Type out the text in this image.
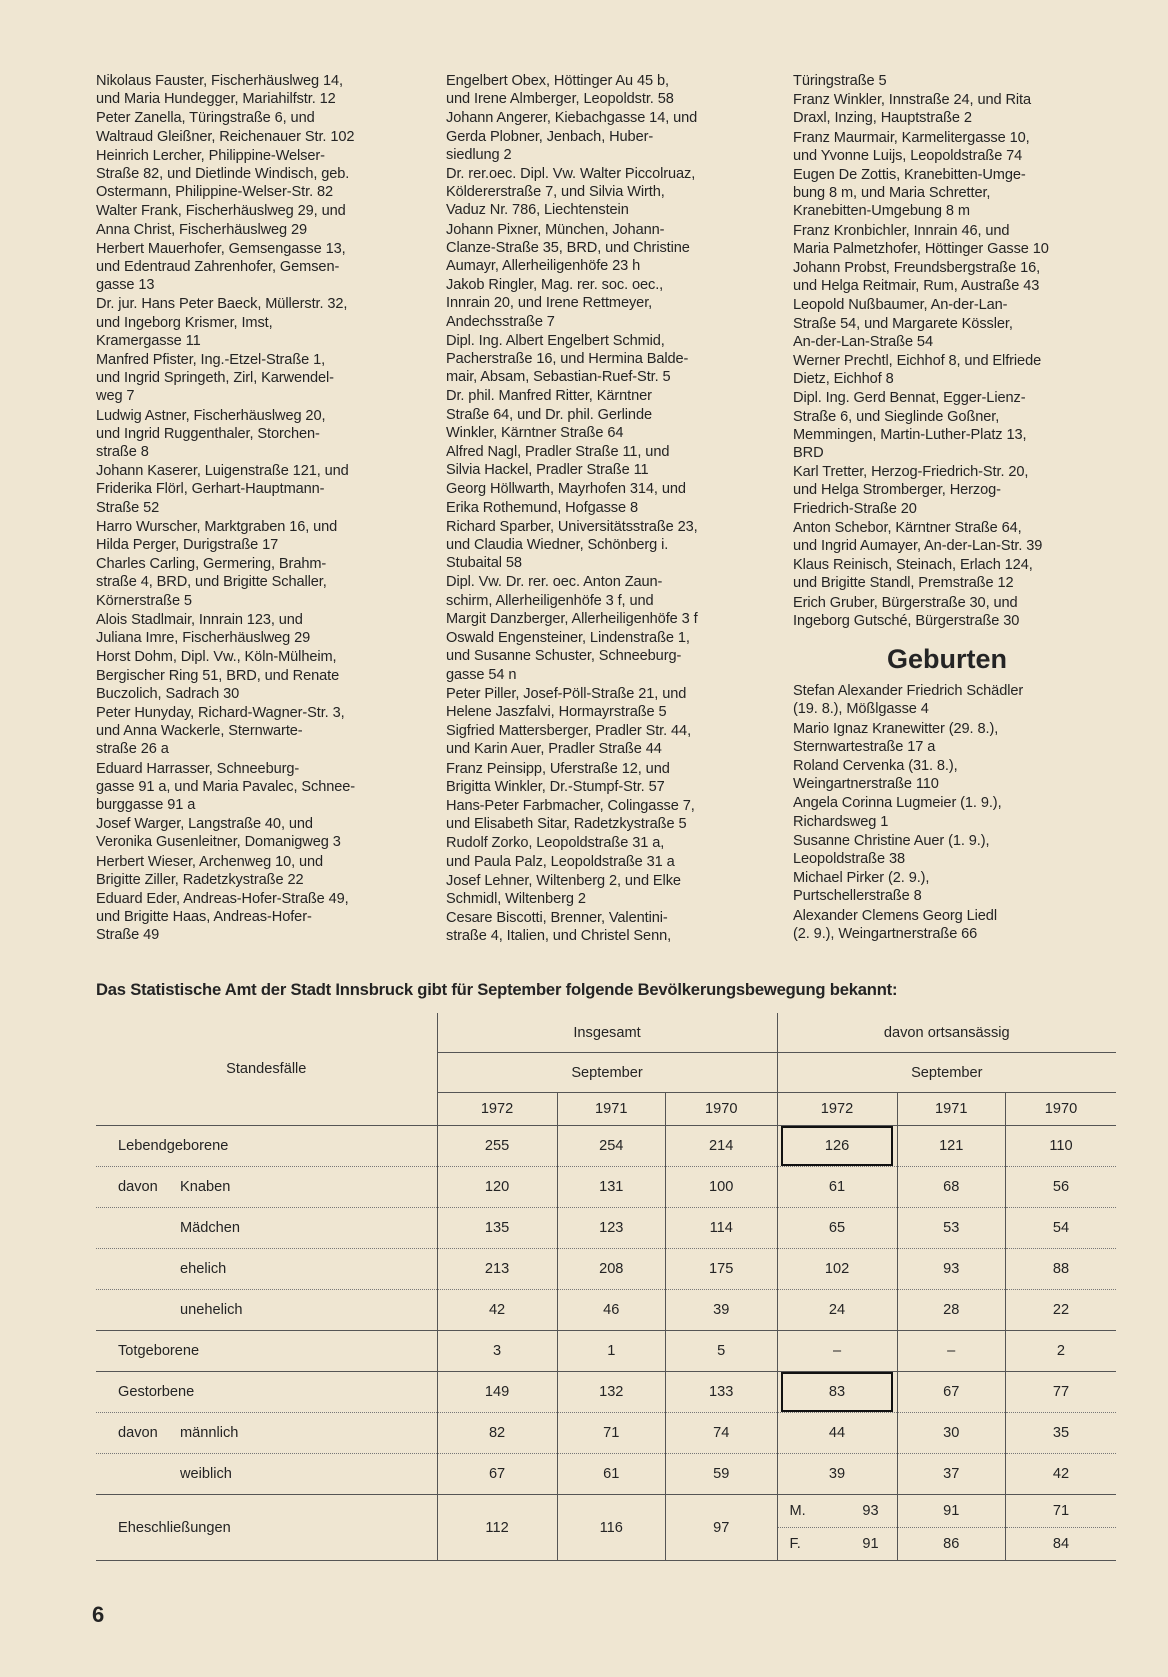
Nikolaus Fauster, Fischerhäuslweg 14,
und Maria Hundegger, Mariahilfstr. 12
Peter Zanella, Türingstraße 6, und
Waltraud Gleißner, Reichenauer Str. 102
Heinrich Lercher, Philippine-Welser-
Straße 82, und Dietlinde Windisch, geb.
Ostermann, Philippine-Welser-Str. 82
Walter Frank, Fischerhäuslweg 29, und
Anna Christ, Fischerhäuslweg 29
Herbert Mauerhofer, Gemsengasse 13,
und Edentraud Zahrenhofer, Gemsen-
gasse 13
Dr. jur. Hans Peter Baeck, Müllerstr. 32,
und Ingeborg Krismer, Imst,
Kramergasse 11
Manfred Pfister, Ing.-Etzel-Straße 1,
und Ingrid Springeth, Zirl, Karwendel-
weg 7
Ludwig Astner, Fischerhäuslweg 20,
und Ingrid Ruggenthaler, Storchen-
straße 8
Johann Kaserer, Luigenstraße 121, und
Friderika Flörl, Gerhart-Hauptmann-
Straße 52
Harro Wurscher, Marktgraben 16, und
Hilda Perger, Durigstraße 17
Charles Carling, Germering, Brahm-
straße 4, BRD, und Brigitte Schaller,
Körnerstraße 5
Alois Stadlmair, Innrain 123, und
Juliana Imre, Fischerhäuslweg 29
Horst Dohm, Dipl. Vw., Köln-Mülheim,
Bergischer Ring 51, BRD, und Renate
Buczolich, Sadrach 30
Peter Hunyday, Richard-Wagner-Str. 3,
und Anna Wackerle, Sternwarte-
straße 26 a
Eduard Harrasser, Schneeburg-
gasse 91 a, und Maria Pavalec, Schnee-
burggasse 91 a
Josef Warger, Langstraße 40, und
Veronika Gusenleitner, Domanigweg 3
Herbert Wieser, Archenweg 10, und
Brigitte Ziller, Radetzkystraße 22
Eduard Eder, Andreas-Hofer-Straße 49,
und Brigitte Haas, Andreas-Hofer-
Straße 49
Engelbert Obex, Höttinger Au 45 b,
und Irene Almberger, Leopoldstr. 58
Johann Angerer, Kiebachgasse 14, und
Gerda Plobner, Jenbach, Huber-
siedlung 2
Dr. rer.oec. Dipl. Vw. Walter Piccolruaz,
Köldererstraße 7, und Silvia Wirth,
Vaduz Nr. 786, Liechtenstein
Johann Pixner, München, Johann-
Clanze-Straße 35, BRD, und Christine
Aumayr, Allerheiligenhöfe 23 h
Jakob Ringler, Mag. rer. soc. oec.,
Innrain 20, und Irene Rettmeyer,
Andechsstraße 7
Dipl. Ing. Albert Engelbert Schmid,
Pacherstraße 16, und Hermina Balde-
mair, Absam, Sebastian-Ruef-Str. 5
Dr. phil. Manfred Ritter, Kärntner
Straße 64, und Dr. phil. Gerlinde
Winkler, Kärntner Straße 64
Alfred Nagl, Pradler Straße 11, und
Silvia Hackel, Pradler Straße 11
Georg Höllwarth, Mayrhofen 314, und
Erika Rothemund, Hofgasse 8
Richard Sparber, Universitätsstraße 23,
und Claudia Wiedner, Schönberg i.
Stubaital 58
Dipl. Vw. Dr. rer. oec. Anton Zaun-
schirm, Allerheiligenhöfe 3 f, und
Margit Danzberger, Allerheiligenhöfe 3 f
Oswald Engensteiner, Lindenstraße 1,
und Susanne Schuster, Schneeburg-
gasse 54 n
Peter Piller, Josef-Pöll-Straße 21, und
Helene Jaszfalvi, Hormayrstraße 5
Sigfried Mattersberger, Pradler Str. 44,
und Karin Auer, Pradler Straße 44
Franz Peinsipp, Uferstraße 12, und
Brigitta Winkler, Dr.-Stumpf-Str. 57
Hans-Peter Farbmacher, Colingasse 7,
und Elisabeth Sitar, Radetzkystraße 5
Rudolf Zorko, Leopoldstraße 31 a,
und Paula Palz, Leopoldstraße 31 a
Josef Lehner, Wiltenberg 2, und Elke
Schmidl, Wiltenberg 2
Cesare Biscotti, Brenner, Valentini-
straße 4, Italien, und Christel Senn,
Türingstraße 5
Franz Winkler, Innstraße 24, und Rita
Draxl, Inzing, Hauptstraße 2
Franz Maurmair, Karmelitergasse 10,
und Yvonne Luijs, Leopoldstraße 74
Eugen De Zottis, Kranebitten-Umge-
bung 8 m, und Maria Schretter,
Kranebitten-Umgebung 8 m
Franz Kronbichler, Innrain 46, und
Maria Palmetzhofer, Höttinger Gasse 10
Johann Probst, Freundsbergstraße 16,
und Helga Reitmair, Rum, Austraße 43
Leopold Nußbaumer, An-der-Lan-
Straße 54, und Margarete Kössler,
An-der-Lan-Straße 54
Werner Prechtl, Eichhof 8, und Elfriede
Dietz, Eichhof 8
Dipl. Ing. Gerd Bennat, Egger-Lienz-
Straße 6, und Sieglinde Goßner,
Memmingen, Martin-Luther-Platz 13,
BRD
Karl Tretter, Herzog-Friedrich-Str. 20,
und Helga Stromberger, Herzog-
Friedrich-Straße 20
Anton Schebor, Kärntner Straße 64,
und Ingrid Aumayer, An-der-Lan-Str. 39
Klaus Reinisch, Steinach, Erlach 124,
und Brigitte Standl, Premstraße 12
Erich Gruber, Bürgerstraße 30, und
Ingeborg Gutsché, Bürgerstraße 30
Geburten
Stefan Alexander Friedrich Schädler
(19. 8.), Mößlgasse 4
Mario Ignaz Kranewitter (29. 8.),
Sternwartestraße 17 a
Roland Cervenka (31. 8.),
Weingartnerstraße 110
Angela Corinna Lugmeier (1. 9.),
Richardsweg 1
Susanne Christine Auer (1. 9.),
Leopoldstraße 38
Michael Pirker (2. 9.),
Purtschellerstraße 8
Alexander Clemens Georg Liedl
(2. 9.), Weingartnerstraße 66
Das Statistische Amt der Stadt Innsbruck gibt für September folgende Bevölkerungsbewegung bekannt:
Standesfälle	Insgesamt			davon ortsansässig		
	September			September		
	1972	1971	1970	1972	1971	1970
Lebendgeborene	255	254	214	126	121	110
davon Knaben	120	131	100	61	68	56
Mädchen	135	123	114	65	53	54
ehelich	213	208	175	102	93	88
unehelich	42	46	39	24	28	22
Totgeborene	3	1	5	–	–	2
Gestorbene	149	132	133	83	67	77
davon männlich	82	71	74	44	30	35
weiblich	67	61	59	39	37	42
Eheschließungen	112	116	97	M. 93	91	71

				F. 91	86	84
6
